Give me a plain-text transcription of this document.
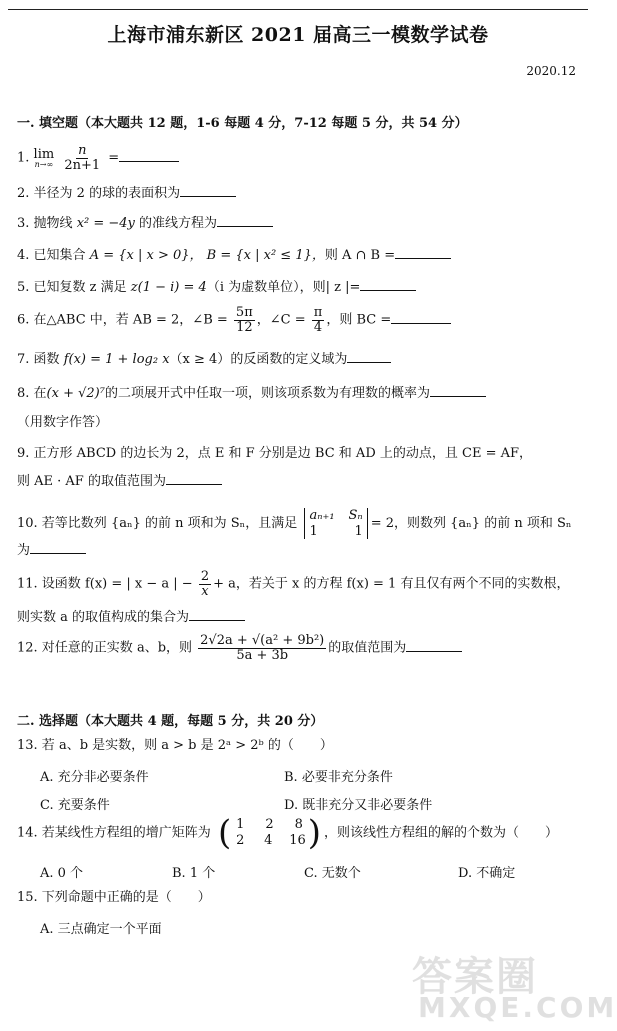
上海市浦东新区 2021 届高三一模数学试卷
2020.12
一. 填空题（本大题共 12 题，1-6 每题 4 分，7-12 每题 5 分，共 54 分）
1. lim
n→∞
$\frac{n}{2n+1}$ =
2. 半径为 2 的球的表面积为
3. 抛物线 x² = −4y 的准线方程为
4. 已知集合 A = {x | x > 0}， B = {x | x² ≤ 1}，则 A ∩ B =
5. 已知复数 z 满足 z(1 − i) = 4（i 为虚数单位），则| z |=
6. 在△ABC 中，若 AB = 2，∠B = $\frac{5\pi}{12}$ ，∠C = $\frac{\pi}{4}$ ，则 BC =
7. 函数 f(x) = 1 + log₂ x（x ≥ 4）的反函数的定义域为
8. 在(x + √2)⁷的二项展开式中任取一项，则该项系数为有理数的概率为
（用数字作答）
9. 正方形 ABCD 的边长为 2，点 E 和 F 分别是边 BC 和 AD 上的动点，且 CE = AF，
则 AE · AF 的取值范围为
10. 若等比数列 {aₙ} 的前 n 项和为 Sₙ，且满足
aₙ₊₁ Sₙ
1	1 = 2，则数列 {aₙ} 的前 n 项和 Sₙ
为
11. 设函数 f(x) = | x − a | − $\frac{2}{x} + a$，若关于 x 的方程 f(x) = 1 有且仅有两个不同的实数根，
则实数 a 的取值构成的集合为
12. 对任意的正实数 a、b，则 $\frac{\text{2√2a + √(a² + 9b²)}}{5a + 3b}$ 的取值范围为
二. 选择题（本大题共 4 题，每题 5 分，共 20 分）
13. 若 a、b 是实数，则 a > b 是 2ᵃ > 2ᵇ 的（　　）
A. 充分非必要条件	B. 必要非充分条件
C. 充要条件	D. 既非充分又非必要条件
14. 若某线性方程组的增广矩阵为 ( 1 2 8
2 4 16 ) ，则该线性方程组的解的个数为（　　）
A. 0 个	B. 1 个	C. 无数个	D. 不确定
15. 下列命题中正确的是（　　）
A. 三点确定一个平面
答案圈
MXQE.COM
